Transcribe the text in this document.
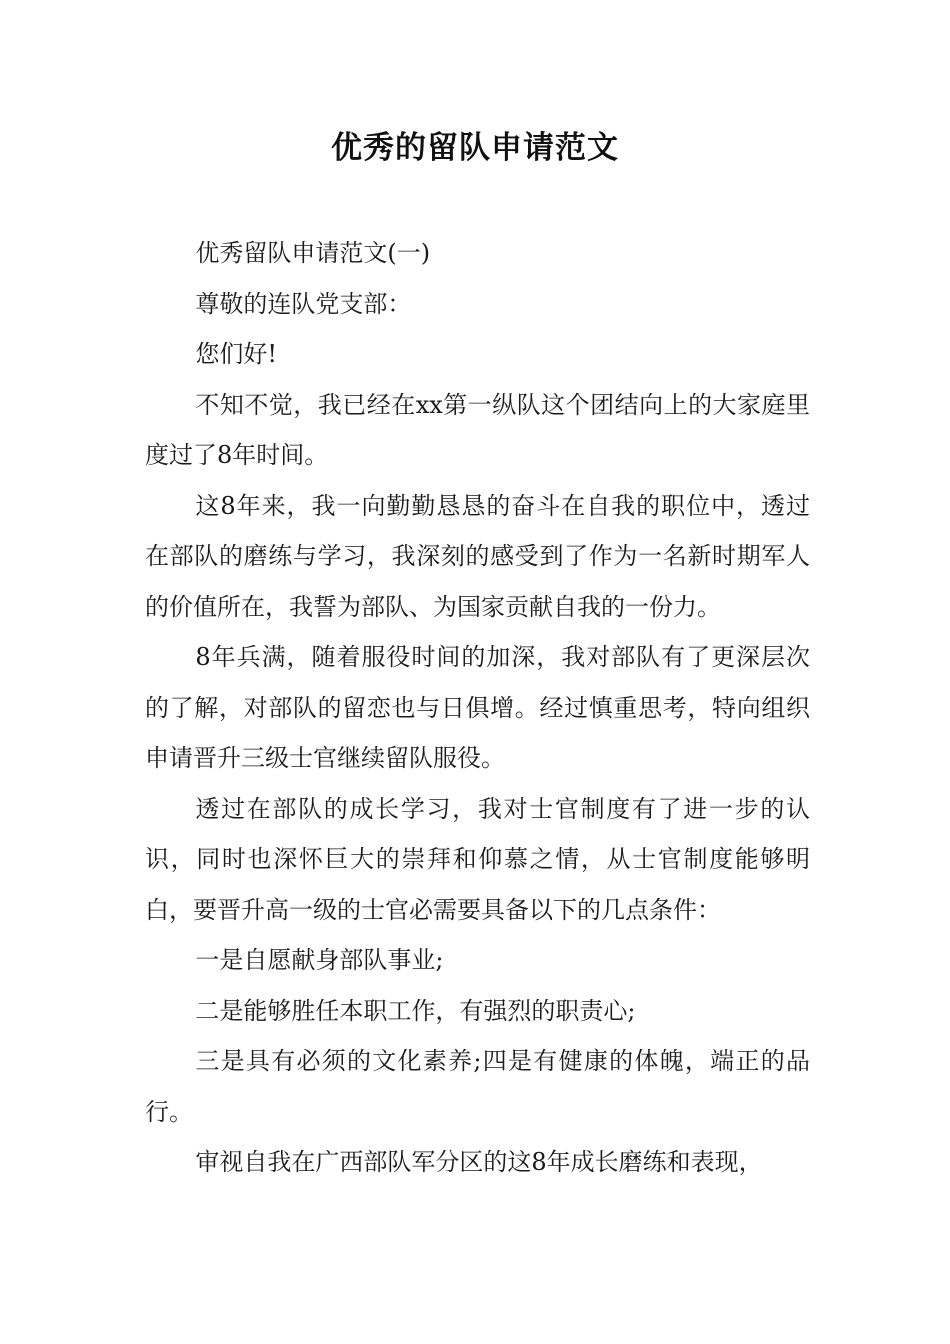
优秀的留队申请范文

优秀留队申请范文(一)

尊敬的连队党支部：

您们好!

不知不觉，我已经在xx第一纵队这个团结向上的大家庭里度过了8年时间。

这8年来，我一向勤勤恳恳的奋斗在自我的职位中，透过在部队的磨练与学习，我深刻的感受到了作为一名新时期军人的价值所在，我誓为部队、为国家贡献自我的一份力。

8年兵满，随着服役时间的加深，我对部队有了更深层次的了解，对部队的留恋也与日俱增。经过慎重思考，特向组织申请晋升三级士官继续留队服役。

透过在部队的成长学习，我对士官制度有了进一步的认识，同时也深怀巨大的崇拜和仰慕之情，从士官制度能够明白，要晋升高一级的士官必需要具备以下的几点条件：

一是自愿献身部队事业;

二是能够胜任本职工作，有强烈的职责心;

三是具有必须的文化素养;四是有健康的体魄，端正的品行。

审视自我在广西部队军分区的这8年成长磨练和表现，
